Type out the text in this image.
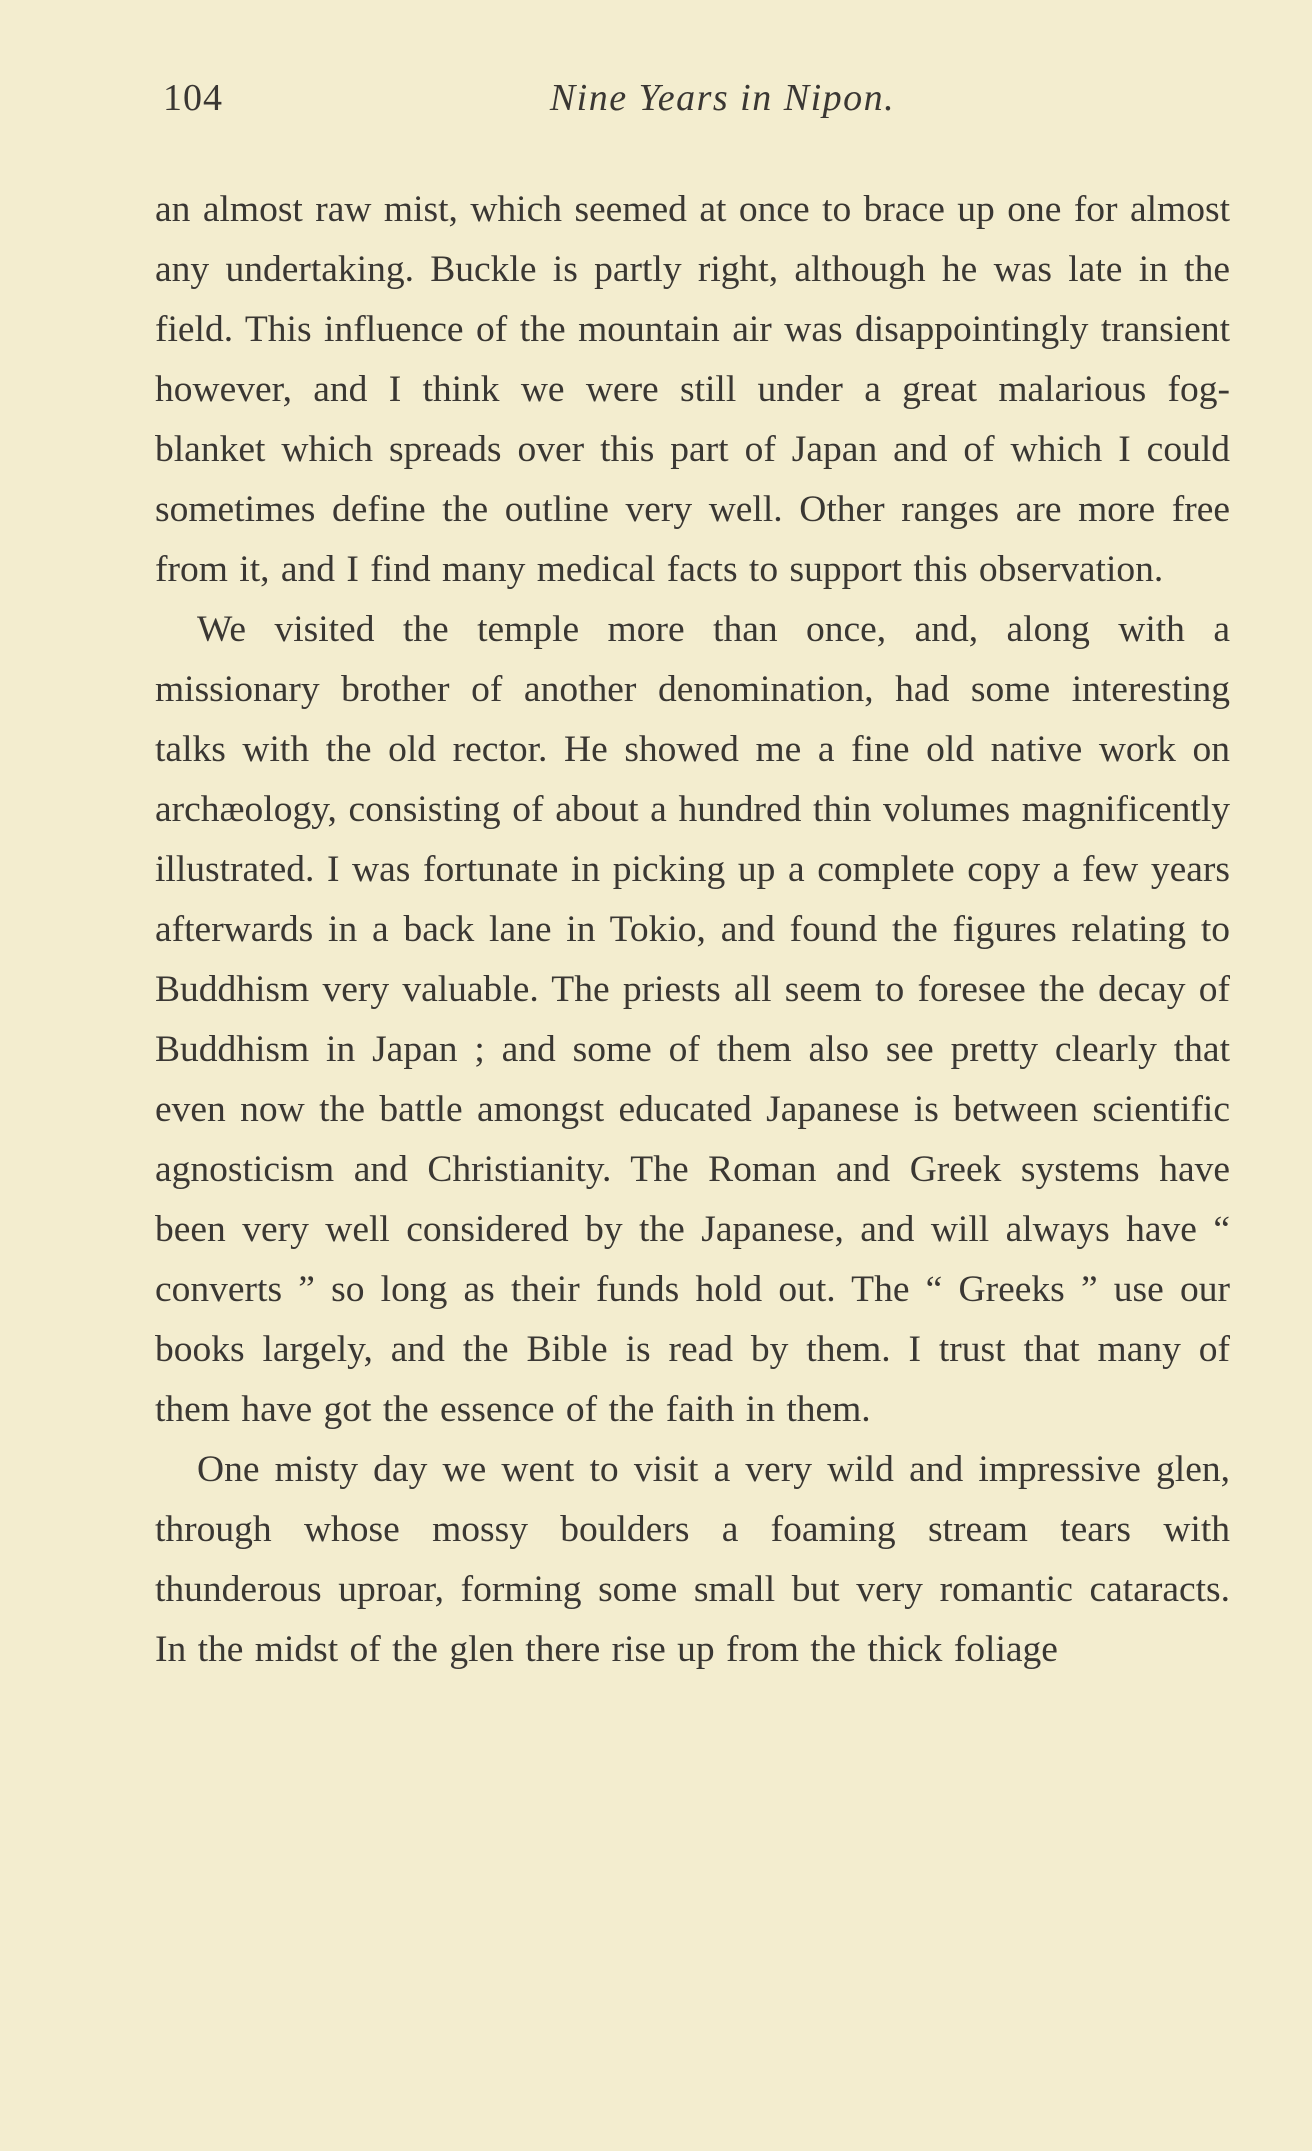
104	Nine Years in Nipon.

an almost raw mist, which seemed at once to brace up one for almost any undertaking. Buckle is partly right, although he was late in the field. This influence of the mountain air was disappointingly transient however, and I think we were still under a great malarious fog-blanket which spreads over this part of Japan and of which I could sometimes define the outline very well. Other ranges are more free from it, and I find many medical facts to support this observation.

We visited the temple more than once, and, along with a missionary brother of another denomination, had some interesting talks with the old rector. He showed me a fine old native work on archæology, consisting of about a hundred thin volumes magnificently illustrated. I was fortunate in picking up a complete copy a few years afterwards in a back lane in Tokio, and found the figures relating to Buddhism very valuable. The priests all seem to foresee the decay of Buddhism in Japan ; and some of them also see pretty clearly that even now the battle amongst educated Japanese is between scientific agnosticism and Christianity. The Roman and Greek systems have been very well considered by the Japanese, and will always have “ converts ” so long as their funds hold out. The “ Greeks ” use our books largely, and the Bible is read by them. I trust that many of them have got the essence of the faith in them.

One misty day we went to visit a very wild and impressive glen, through whose mossy boulders a foaming stream tears with thunderous uproar, forming some small but very romantic cataracts. In the midst of the glen there rise up from the thick foliage
